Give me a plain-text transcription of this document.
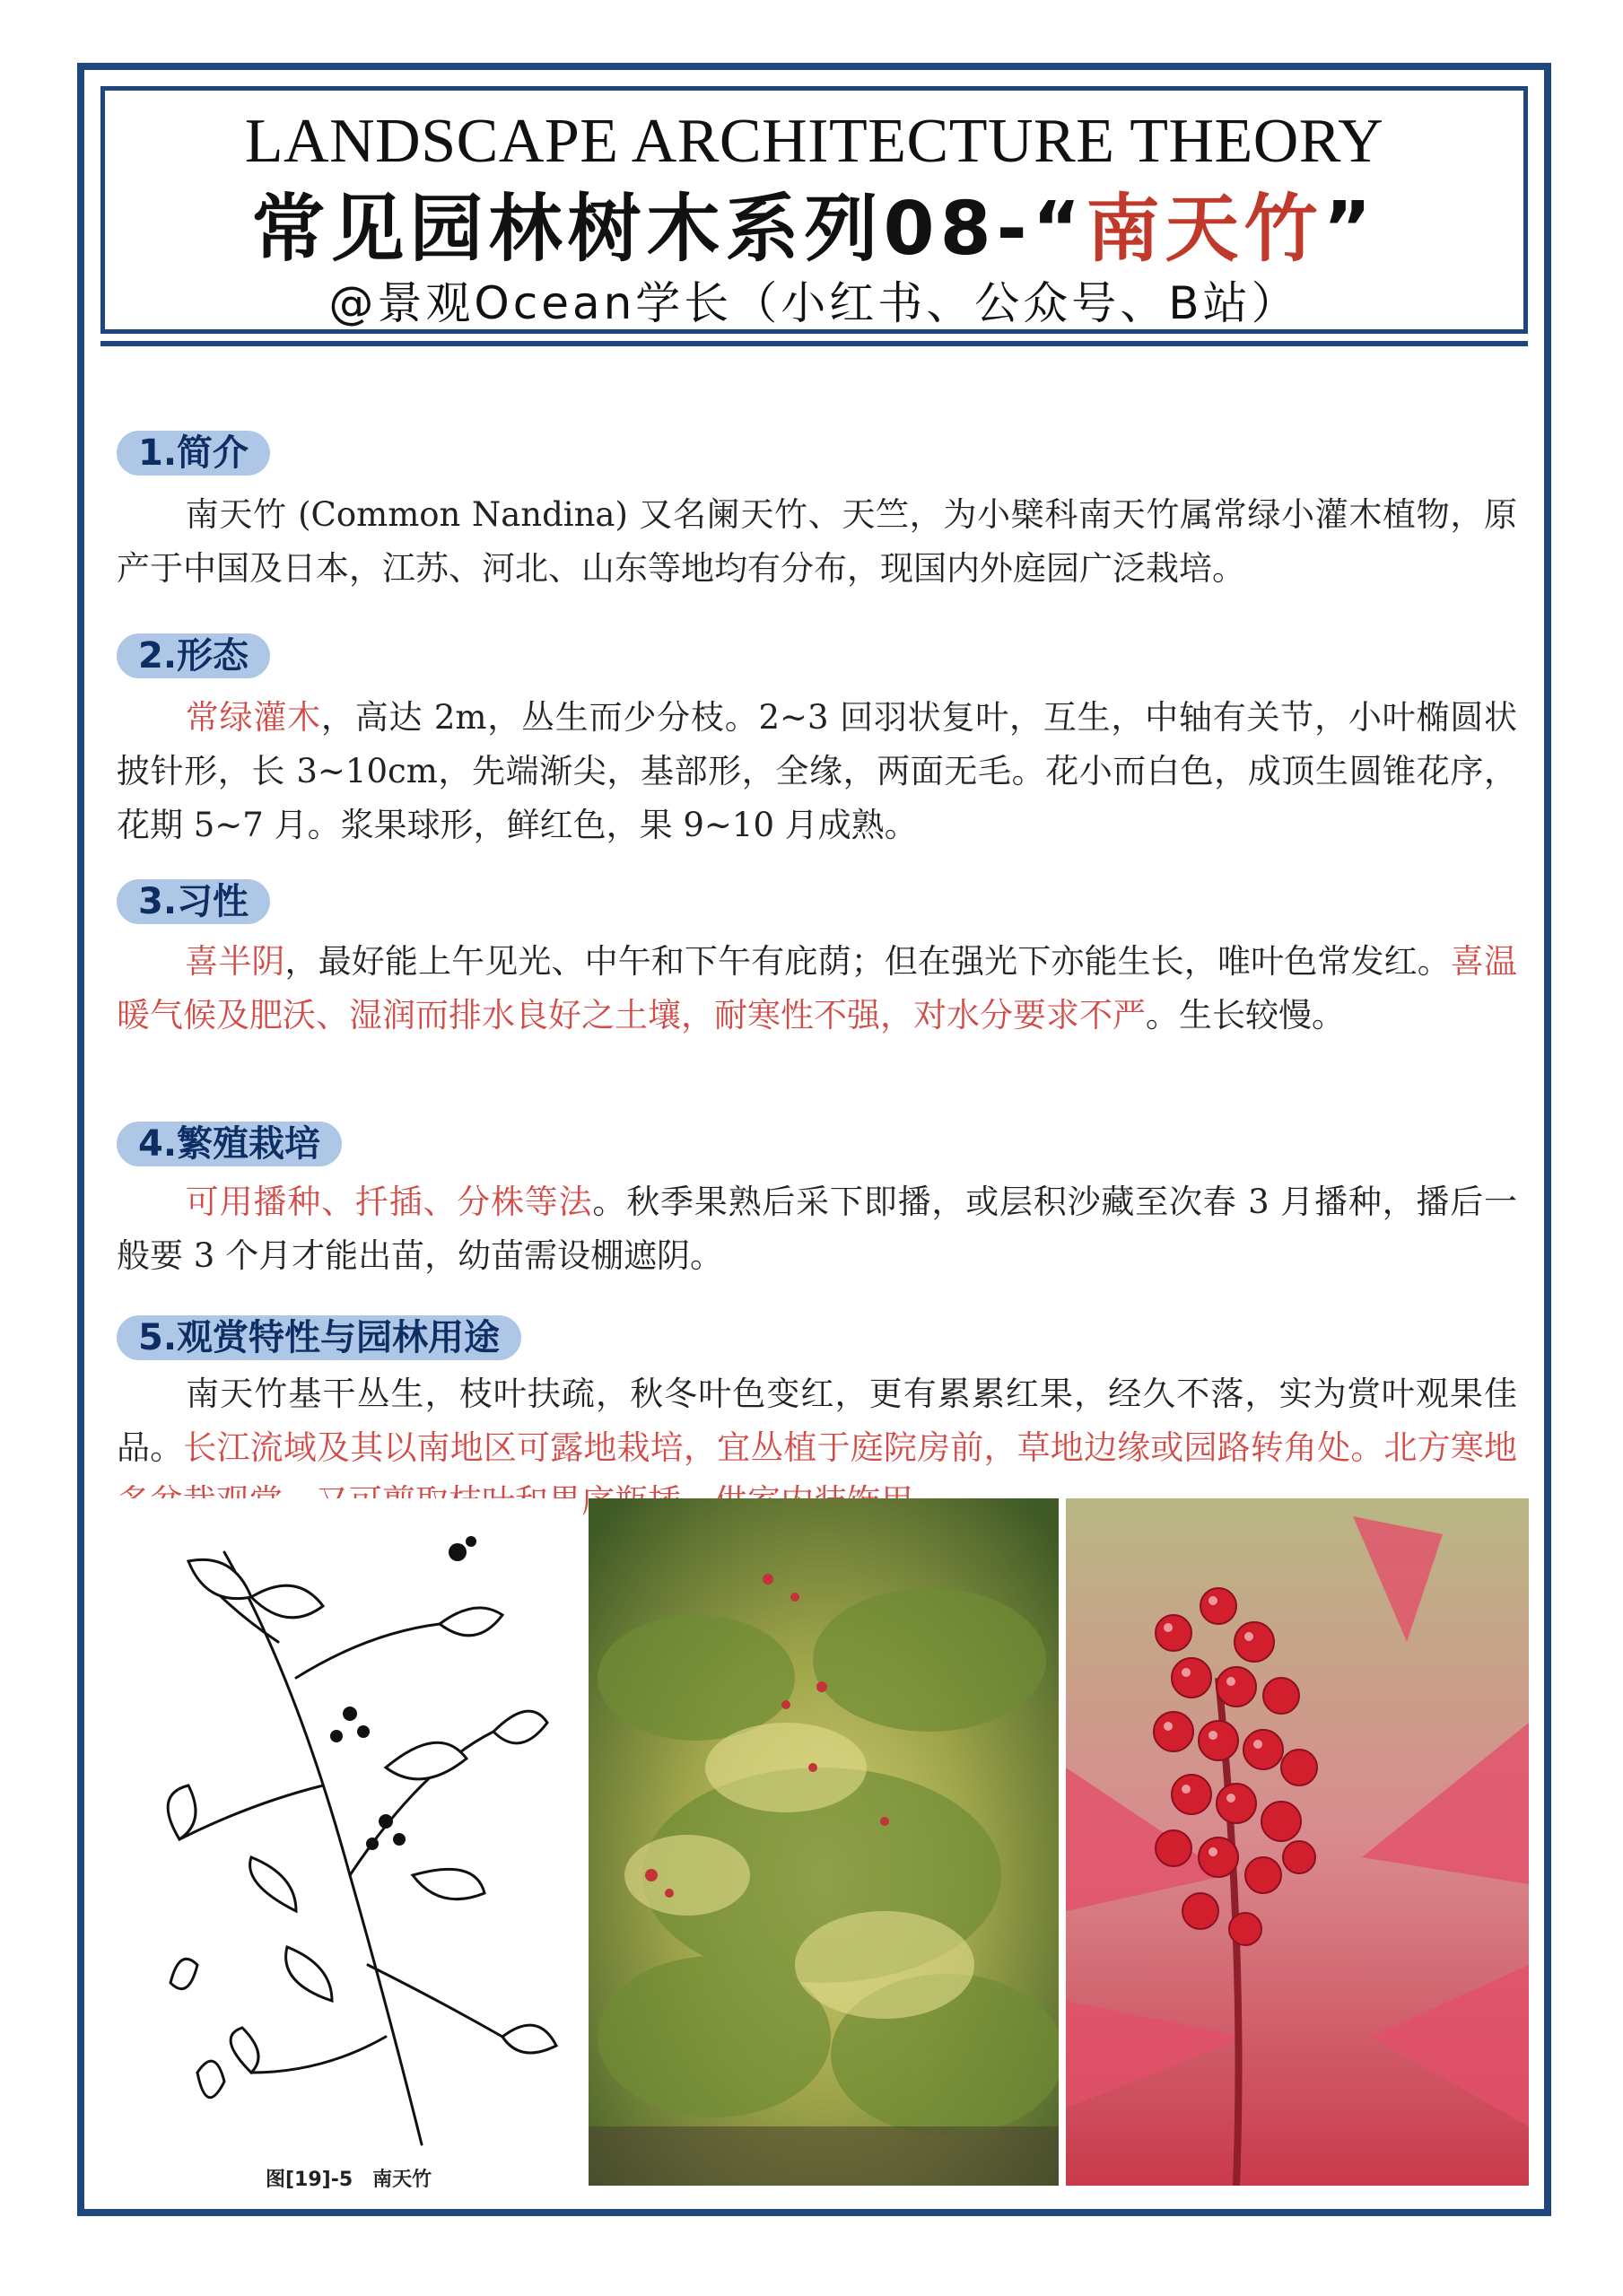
LANDSCAPE ARCHITECTURE THEORY
常见园林树木系列08-“南天竹”
@景观Ocean学长（小红书、公众号、B站）
1.简介
南天竹 (Common Nandina) 又名阑天竹、天竺，为小檗科南天竹属常绿小灌木植物，原产于中国及日本，江苏、河北、山东等地均有分布，现国内外庭园广泛栽培。
2.形态
常绿灌木，高达 2m，丛生而少分枝。2~3 回羽状复叶，互生，中轴有关节，小叶椭圆状披针形，长 3~10cm，先端渐尖，基部形，全缘，两面无毛。花小而白色，成顶生圆锥花序，花期 5~7 月。浆果球形，鲜红色，果 9~10 月成熟。
3.习性
喜半阴，最好能上午见光、中午和下午有庇荫；但在强光下亦能生长，唯叶色常发红。喜温暖气候及肥沃、湿润而排水良好之土壤，耐寒性不强，对水分要求不严。生长较慢。
4.繁殖栽培
可用播种、扦插、分株等法。秋季果熟后采下即播，或层积沙藏至次春 3 月播种，播后一般要 3 个月才能出苗，幼苗需设棚遮阴。
5.观赏特性与园林用途
南天竹基干丛生，枝叶扶疏，秋冬叶色变红，更有累累红果，经久不落，实为赏叶观果佳品。长江流域及其以南地区可露地栽培，宜丛植于庭院房前，草地边缘或园路转角处。北方寒地
图[19]-5　南天竹
